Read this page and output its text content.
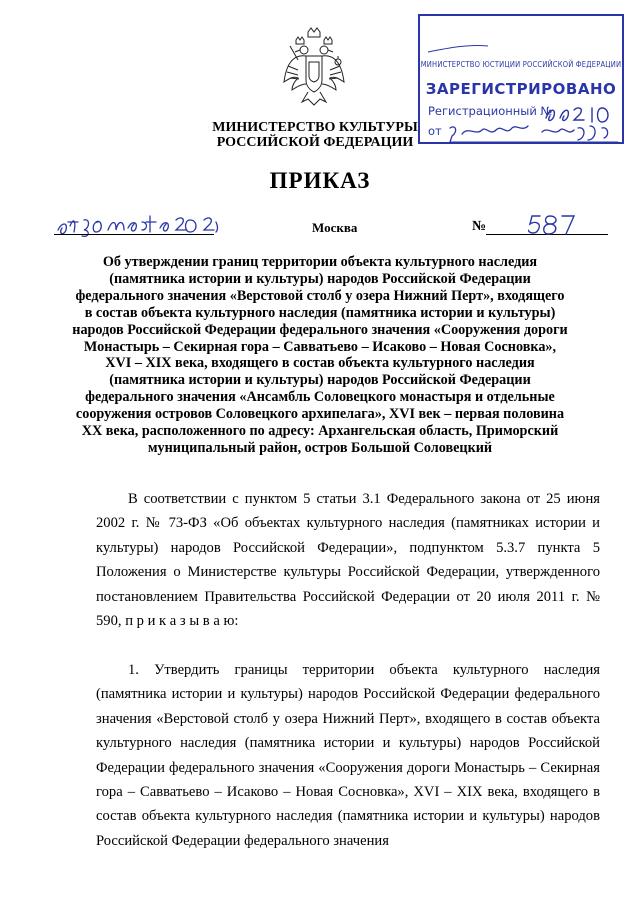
МИНИСТЕРСТВО КУЛЬТУРЫ
РОССИЙСКОЙ ФЕДЕРАЦИИ
МИНИСТЕРСТВО ЮСТИЦИИ РОССИЙСКОЙ ФЕДЕРАЦИИ
ЗАРЕГИСТРИРОВАНО
Регистрационный №
от
ПРИКАЗ
Москва	№
Об утверждении границ территории объекта культурного наследия (памятника истории и культуры) народов Российской Федерации федерального значения «Верстовой столб у озера Нижний Перт», входящего в состав объекта культурного наследия (памятника истории и культуры) народов Российской Федерации федерального значения «Сооружения дороги Монастырь – Секирная гора – Савватьево – Исаково – Новая Сосновка», XVI – XIX века, входящего в состав объекта культурного наследия (памятника истории и культуры) народов Российской Федерации федерального значения «Ансамбль Соловецкого монастыря и отдельные сооружения островов Соловецкого архипелага», XVI век – первая половина XX века, расположенного по адресу: Архангельская область, Приморский муниципальный район, остров Большой Соловецкий

В соответствии с пунктом 5 статьи 3.1 Федерального закона от 25 июня 2002 г. № 73-ФЗ «Об объектах культурного наследия (памятниках истории и культуры) народов Российской Федерации», подпунктом 5.3.7 пункта 5 Положения о Министерстве культуры Российской Федерации, утвержденного постановлением Правительства Российской Федерации от 20 июля 2011 г. № 590, п р и к а з ы в а ю:

1. Утвердить границы территории объекта культурного наследия (памятника истории и культуры) народов Российской Федерации федерального значения «Верстовой столб у озера Нижний Перт», входящего в состав объекта культурного наследия (памятника истории и культуры) народов Российской Федерации федерального значения «Сооружения дороги Монастырь – Секирная гора – Савватьево – Исаково – Новая Сосновка», XVI – XIX века, входящего в состав объекта культурного наследия (памятника истории и культуры) народов Российской Федерации федерального значения
